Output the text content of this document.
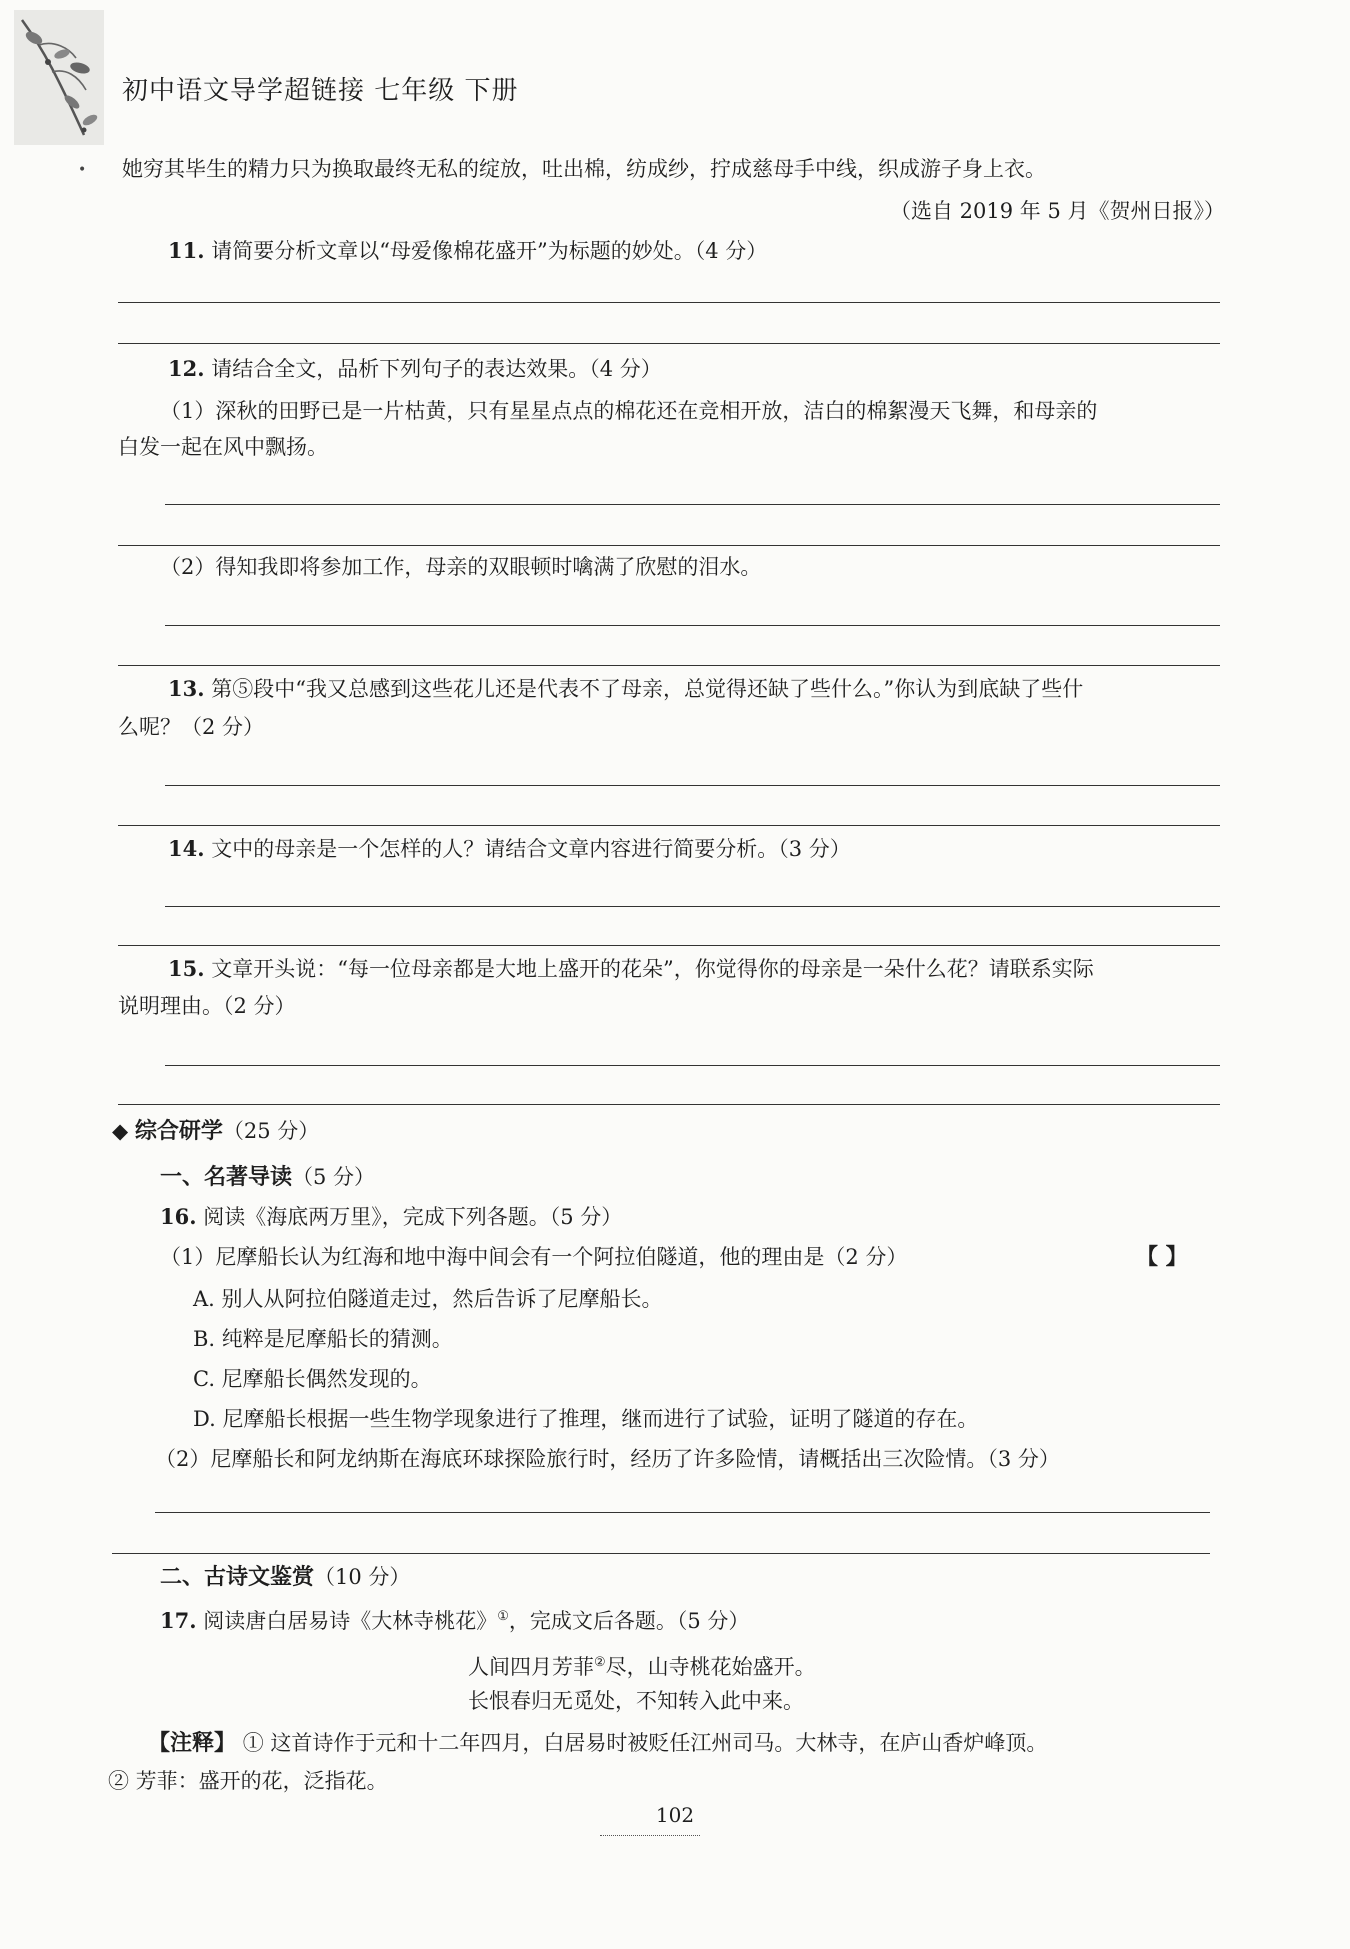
初中语文导学超链接 七年级 下册
• 她穷其毕生的精力只为换取最终无私的绽放，吐出棉，纺成纱，拧成慈母手中线，织成游子身上衣。
（选自 2019 年 5 月《贺州日报》）
11. 请简要分析文章以“母爱像棉花盛开”为标题的妙处。（4 分）
12. 请结合全文，品析下列句子的表达效果。（4 分）
（1）深秋的田野已是一片枯黄，只有星星点点的棉花还在竞相开放，洁白的棉絮漫天飞舞，和母亲的
白发一起在风中飘扬。
（2）得知我即将参加工作，母亲的双眼顿时噙满了欣慰的泪水。
13. 第⑤段中“我又总感到这些花儿还是代表不了母亲，总觉得还缺了些什么。”你认为到底缺了些什
么呢？（2 分）
14. 文中的母亲是一个怎样的人？请结合文章内容进行简要分析。（3 分）
15. 文章开头说：“每一位母亲都是大地上盛开的花朵”，你觉得你的母亲是一朵什么花？请联系实际
说明理由。（2 分）
◆ 综合研学（25 分）
一、名著导读（5 分）
16. 阅读《海底两万里》，完成下列各题。（5 分）
（1）尼摩船长认为红海和地中海中间会有一个阿拉伯隧道，他的理由是（2 分）	【 】
A. 别人从阿拉伯隧道走过，然后告诉了尼摩船长。
B. 纯粹是尼摩船长的猜测。
C. 尼摩船长偶然发现的。
D. 尼摩船长根据一些生物学现象进行了推理，继而进行了试验，证明了隧道的存在。
（2）尼摩船长和阿龙纳斯在海底环球探险旅行时，经历了许多险情，请概括出三次险情。（3 分）
二、古诗文鉴赏（10 分）
17. 阅读唐白居易诗《大林寺桃花》①，完成文后各题。（5 分）
人间四月芳菲②尽，山寺桃花始盛开。
长恨春归无觅处，不知转入此中来。
【注释】 ① 这首诗作于元和十二年四月，白居易时被贬任江州司马。大林寺，在庐山香炉峰顶。
② 芳菲：盛开的花，泛指花。
102
